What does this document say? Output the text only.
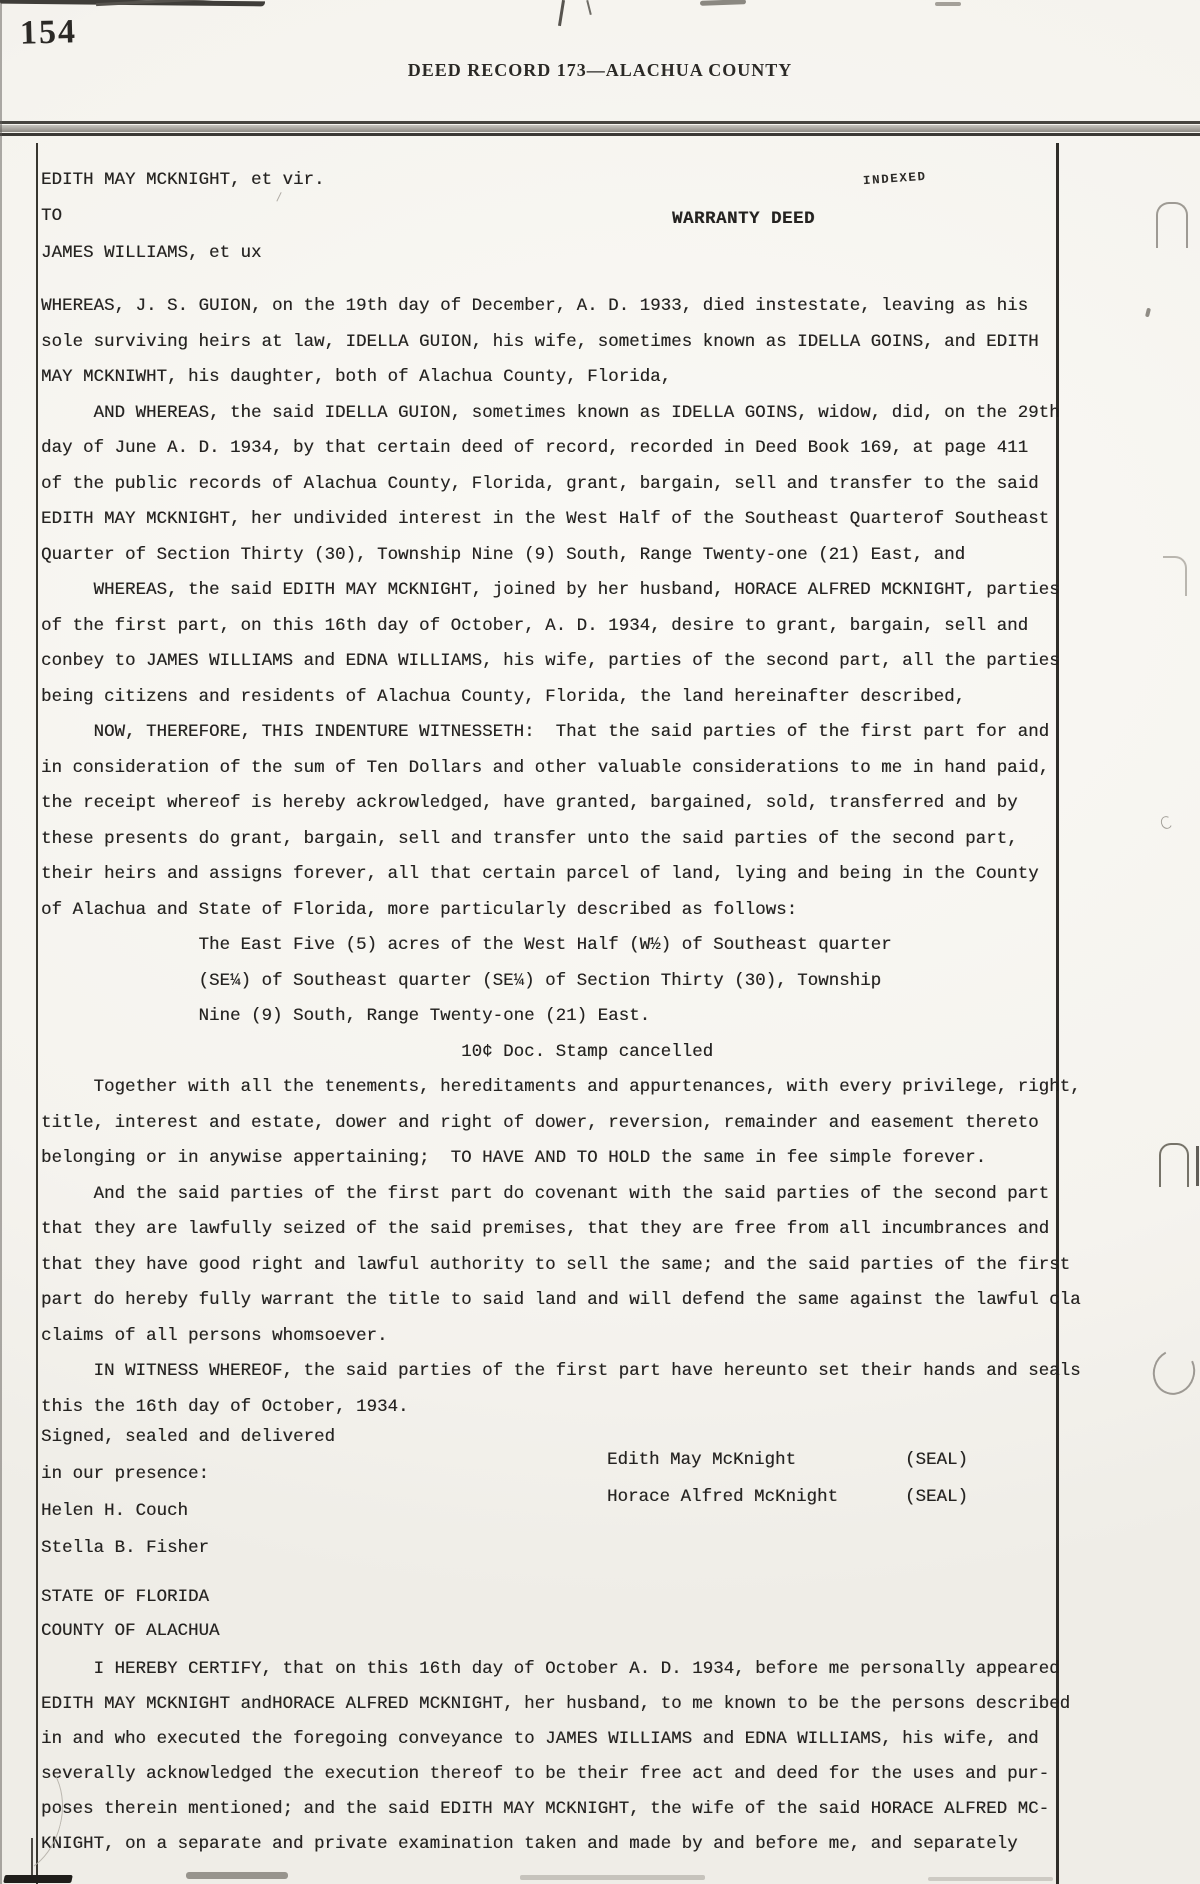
154
DEED RECORD 173—ALACHUA COUNTY
EDITH MAY MCKNIGHT, et vir.
TO
JAMES WILLIAMS, et ux
WARRANTY DEED
INDEXED
WHEREAS, J. S. GUION, on the 19th day of December, A. D. 1933, died instestate, leaving as his
sole surviving heirs at law, IDELLA GUION, his wife, sometimes known as IDELLA GOINS, and EDITH
MAY MCKNIWHT, his daughter, both of Alachua County, Florida,
AND WHEREAS, the said IDELLA GUION, sometimes known as IDELLA GOINS, widow, did, on the 29th
day of June A. D. 1934, by that certain deed of record, recorded in Deed Book 169, at page 411
of the public records of Alachua County, Florida, grant, bargain, sell and transfer to the said
EDITH MAY MCKNIGHT, her undivided interest in the West Half of the Southeast Quarterof Southeast
Quarter of Section Thirty (30), Township Nine (9) South, Range Twenty-one (21) East, and
WHEREAS, the said EDITH MAY MCKNIGHT, joined by her husband, HORACE ALFRED MCKNIGHT, parties
of the first part, on this 16th day of October, A. D. 1934, desire to grant, bargain, sell and
conbey to JAMES WILLIAMS and EDNA WILLIAMS, his wife, parties of the second part, all the parties
being citizens and residents of Alachua County, Florida, the land hereinafter described,
NOW, THEREFORE, THIS INDENTURE WITNESSETH:  That the said parties of the first part for and
in consideration of the sum of Ten Dollars and other valuable considerations to me in hand paid,
the receipt whereof is hereby ackrowledged, have granted, bargained, sold, transferred and by
these presents do grant, bargain, sell and transfer unto the said parties of the second part,
their heirs and assigns forever, all that certain parcel of land, lying and being in the County
of Alachua and State of Florida, more particularly described as follows:
The East Five (5) acres of the West Half (W½) of Southeast quarter
(SE¼) of Southeast quarter (SE¼) of Section Thirty (30), Township
Nine (9) South, Range Twenty-one (21) East.
10¢ Doc. Stamp cancelled
Together with all the tenements, hereditaments and appurtenances, with every privilege, right,
title, interest and estate, dower and right of dower, reversion, remainder and easement thereto
belonging or in anywise appertaining;  TO HAVE AND TO HOLD the same in fee simple forever.
And the said parties of the first part do covenant with the said parties of the second part
that they are lawfully seized of the said premises, that they are free from all incumbrances and
that they have good right and lawful authority to sell the same; and the said parties of the first
part do hereby fully warrant the title to said land and will defend the same against the lawful cla
claims of all persons whomsoever.
IN WITNESS WHEREOF, the said parties of the first part have hereunto set their hands and seals
this the 16th day of October, 1934.
Signed, sealed and delivered
in our presence:
Helen H. Couch
Stella B. Fisher
Edith May McKnight	(SEAL)
Horace Alfred McKnight	(SEAL)
STATE OF FLORIDA
COUNTY OF ALACHUA
I HEREBY CERTIFY, that on this 16th day of October A. D. 1934, before me personally appeared
EDITH MAY MCKNIGHT andHORACE ALFRED MCKNIGHT, her husband, to me known to be the persons described
in and who executed the foregoing conveyance to JAMES WILLIAMS and EDNA WILLIAMS, his wife, and
severally acknowledged the execution thereof to be their free act and deed for the uses and pur-
poses therein mentioned; and the said EDITH MAY MCKNIGHT, the wife of the said HORACE ALFRED MC-
KNIGHT, on a separate and private examination taken and made by and before me, and separately
